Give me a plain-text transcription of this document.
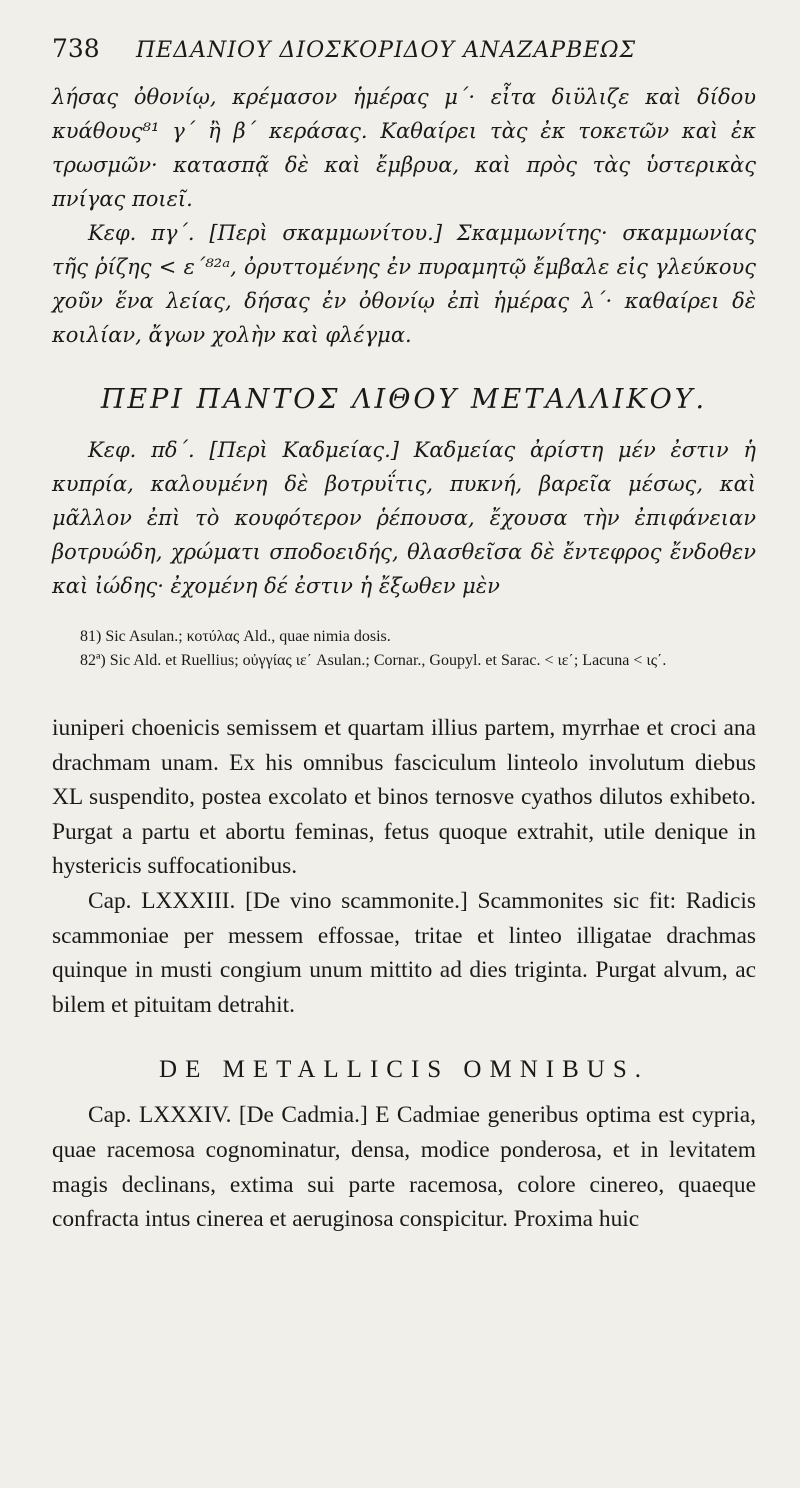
738	ΠΕΔΑΝΙΟΥ ΔΙΟΣΚΟΡΙΔΟΥ ΑΝΑΖΑΡΒΕΩΣ

λήσας ὀθονίῳ, κρέμασον ἡμέρας μ΄· εἶτα διϋλιζε καὶ δίδου κυάθους⁸¹ γ΄ ἢ β΄ κεράσας. Καθαίρει τὰς ἐκ τοκετῶν καὶ ἐκ τρωσμῶν· κατασπᾷ δὲ καὶ ἔμβρυα, καὶ πρὸς τὰς ὑστερικὰς πνίγας ποιεῖ.

Κεφ. πγ΄. [Περὶ σκαμμωνίτου.] Σκαμμωνίτης· σκαμμωνίας τῆς ῥίζης < ε΄⁸²ᵃ, ὀρυττομένης ἐν πυραμητῷ ἔμβαλε εἰς γλεύκους χοῦν ἕνα λείας, δήσας ἐν ὀθονίῳ ἐπὶ ἡμέρας λ΄· καθαίρει δὲ κοιλίαν, ἄγων χολὴν καὶ φλέγμα.

ΠΕΡΙ ΠΑΝΤΟΣ ΛΙΘΟΥ ΜΕΤΑΛΛΙΚΟΥ.

Κεφ. πδ΄. [Περὶ Καδμείας.] Καδμείας ἀρίστη μέν ἐστιν ἡ κυπρία, καλουμένη δὲ βοτρυΐτις, πυκνή, βαρεῖα μέσως, καὶ μᾶλλον ἐπὶ τὸ κουφότερον ῥέπουσα, ἔχουσα τὴν ἐπιφάνειαν βοτρυώδη, χρώματι σποδοειδής, θλασθεῖσα δὲ ἔντεφρος ἔνδοθεν καὶ ἰώδης· ἐχομένη δέ ἐστιν ἡ ἔξωθεν μὲν

81) Sic Asulan.; κοτύλας Ald., quae nimia dosis.

82ª) Sic Ald. et Ruellius; οὐγγίας ιε΄ Asulan.; Cornar., Goupyl. et Sarac. < ιε΄; Lacuna < ις΄.

iuniperi choenicis semissem et quartam illius partem, myrrhae et croci ana drachmam unam. Ex his omnibus fasciculum linteolo involutum diebus XL suspendito, postea excolato et binos ternosve cyathos dilutos exhibeto. Purgat a partu et abortu feminas, fetus quoque extrahit, utile denique in hystericis suffocationibus.

Cap. LXXXIII. [De vino scammonite.] Scammonites sic fit: Radicis scammoniae per messem effossae, tritae et linteo illigatae drachmas quinque in musti congium unum mittito ad dies triginta. Purgat alvum, ac bilem et pituitam detrahit.

DE METALLICIS OMNIBUS.

Cap. LXXXIV. [De Cadmia.] E Cadmiae generibus optima est cypria, quae racemosa cognominatur, densa, modice ponderosa, et in levitatem magis declinans, extima sui parte racemosa, colore cinereo, quaeque confracta intus cinerea et aeruginosa conspicitur. Proxima huic
